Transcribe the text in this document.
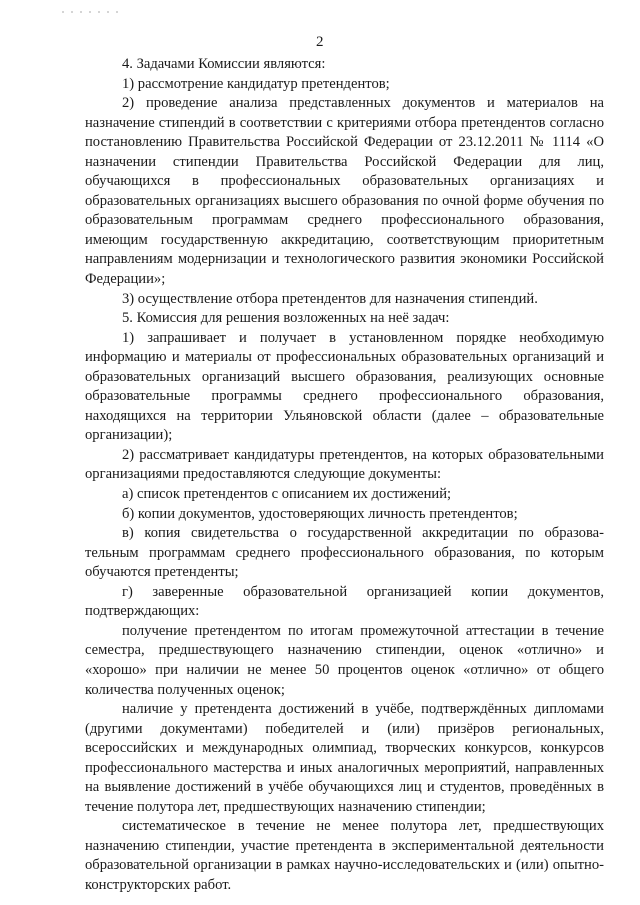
2

4. Задачами Комиссии являются:

1) рассмотрение кандидатур претендентов;

2) проведение анализа представленных документов и материалов на назначение стипендий в соответствии с критериями отбора претендентов согласно постановлению Правительства Российской Федерации от 23.12.2011 № 1114 «О назначении стипендии Правительства Российской Федерации для лиц, обучающихся в профессиональных образовательных организациях и образовательных организациях высшего образования по очной форме обучения по образовательным программам среднего профессионального образования, имеющим государственную аккредитацию, соответствующим приоритетным направлениям модернизации и технологического развития экономики Российской Федерации»;

3) осуществление отбора претендентов для назначения стипендий.

5. Комиссия для решения возложенных на неё задач:

1) запрашивает и получает в установленном порядке необходимую информацию и материалы от профессиональных образовательных организаций и образовательных организаций высшего образования, реализующих основные образовательные программы среднего профессионального образования, находящихся на территории Ульяновской области (далее – образовательные организации);

2) рассматривает кандидатуры претендентов, на которых образовательными организациями предоставляются следующие документы:

а) список претендентов с описанием их достижений;

б) копии документов, удостоверяющих личность претендентов;

в) копия свидетельства о государственной аккредитации по образова-тельным программам среднего профессионального образования, по которым обучаются претенденты;

г) заверенные образовательной организацией копии документов, подтверждающих:

получение претендентом по итогам промежуточной аттестации в течение семестра, предшествующего назначению стипендии, оценок «отлично» и «хорошо» при наличии не менее 50 процентов оценок «отлично» от общего количества полученных оценок;

наличие у претендента достижений в учёбе, подтверждённых дипломами (другими документами) победителей и (или) призёров региональных, всероссийских и международных олимпиад, творческих конкурсов, конкурсов профессионального мастерства и иных аналогичных мероприятий, направленных на выявление достижений в учёбе обучающихся лиц и студентов, проведённых в течение полутора лет, предшествующих назначению стипендии;

систематическое в течение не менее полутора лет, предшествующих назначению стипендии, участие претендента в экспериментальной деятельности образовательной организации в рамках научно-исследовательских и (или) опытно-конструкторских работ.
